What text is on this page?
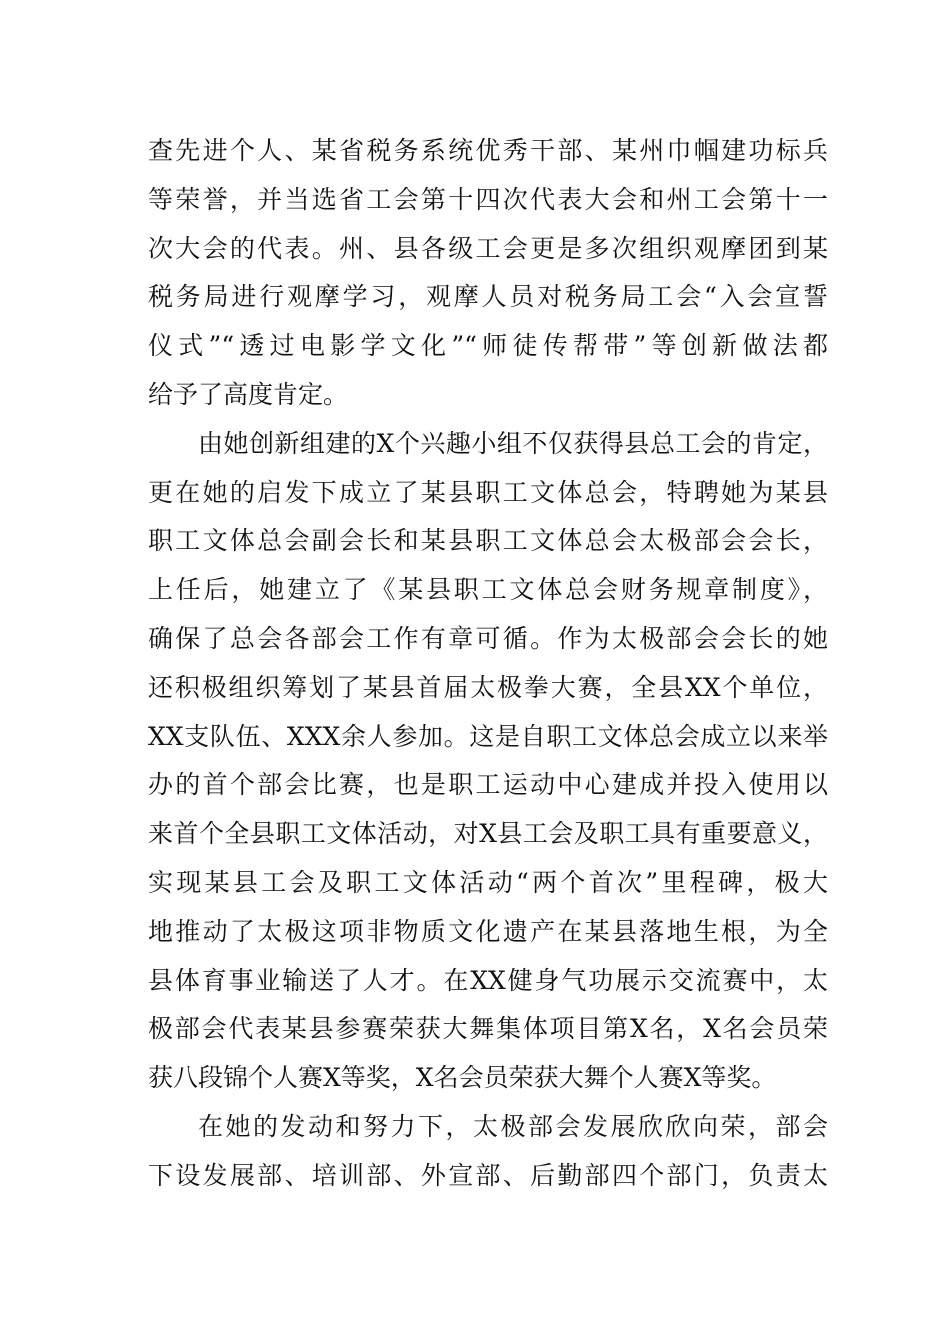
查先进个人、某省税务系统优秀干部、某州巾帼建功标兵
等荣誉，并当选省工会第十四次代表大会和州工会第十一
次大会的代表。州、县各级工会更是多次组织观摩团到某
税务局进行观摩学习，观摩人员对税务局工会“入会宣誓
仪式”“透过电影学文化”“师徒传帮带”等创新做法都
给予了高度肯定。
由她创新组建的X个兴趣小组不仅获得县总工会的肯定，
更在她的启发下成立了某县职工文体总会，特聘她为某县
职工文体总会副会长和某县职工文体总会太极部会会长，
上任后，她建立了《某县职工文体总会财务规章制度》，
确保了总会各部会工作有章可循。作为太极部会会长的她
还积极组织筹划了某县首届太极拳大赛，全县XX个单位，
XX支队伍、XXX余人参加。这是自职工文体总会成立以来举
办的首个部会比赛，也是职工运动中心建成并投入使用以
来首个全县职工文体活动，对X县工会及职工具有重要意义，
实现某县工会及职工文体活动“两个首次”里程碑，极大
地推动了太极这项非物质文化遗产在某县落地生根，为全
县体育事业输送了人才。在XX健身气功展示交流赛中，太
极部会代表某县参赛荣获大舞集体项目第X名，X名会员荣
获八段锦个人赛X等奖，X名会员荣获大舞个人赛X等奖。
在她的发动和努力下，太极部会发展欣欣向荣，部会
下设发展部、培训部、外宣部、后勤部四个部门，负责太
